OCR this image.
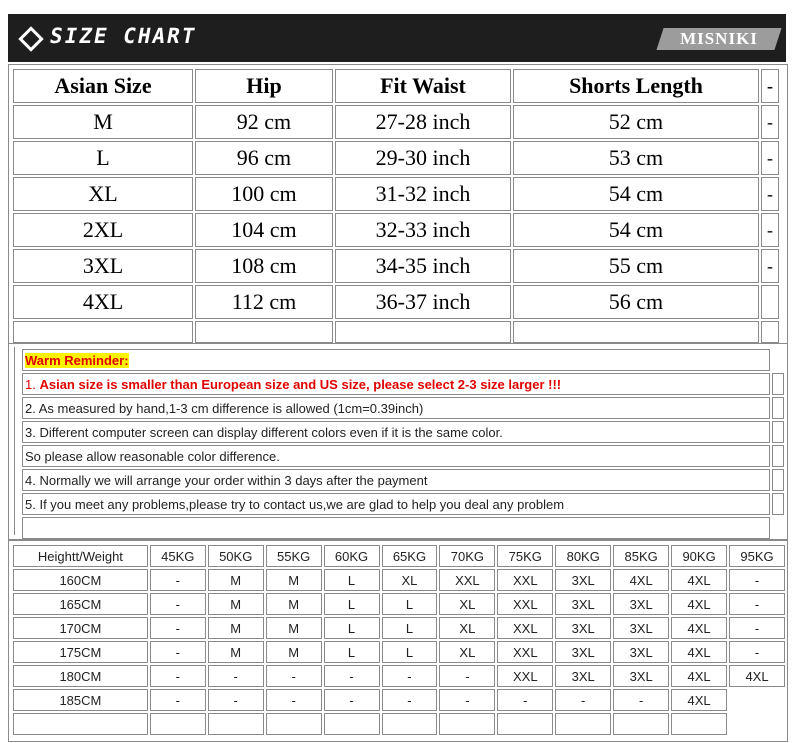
SIZE CHART	MISNIKI
Asian Size	Hip	Fit Waist	Shorts Length	-
M	92 cm	27-28 inch	52 cm	-
L	96 cm	29-30 inch	53 cm	-
XL	100 cm	31-32 inch	54 cm	-
2XL	104 cm	32-33 inch	54 cm	-
3XL	108 cm	34-35 inch	55 cm	-
4XL	112 cm	36-37 inch	56 cm	

Warm Reminder:	
1. Asian size is smaller than European size and US size, please select 2-3 size larger !!!	
2. As measured by hand,1-3 cm difference is allowed (1cm=0.39inch)	
3. Different computer screen can display different colors even if it is the same color.	
So please allow reasonable color difference.	
4. Normally we will arrange your order within 3 days after the payment	
5. If you meet any problems,please try to contact us,we are glad to help you deal any problem	

Heightt/Weight	45KG	50KG	55KG	60KG	65KG	70KG	75KG	80KG	85KG	90KG	95KG
160CM	-	M	M	L	XL	XXL	XXL	3XL	4XL	4XL	-
165CM	-	M	M	L	L	XL	XXL	3XL	3XL	4XL	-
170CM	-	M	M	L	L	XL	XXL	3XL	3XL	4XL	-
175CM	-	M	M	L	L	XL	XXL	3XL	3XL	4XL	-
180CM	-	-	-	-	-	-	XXL	3XL	3XL	4XL	4XL
185CM	-	-	-	-	-	-	-	-	-	4XL	
